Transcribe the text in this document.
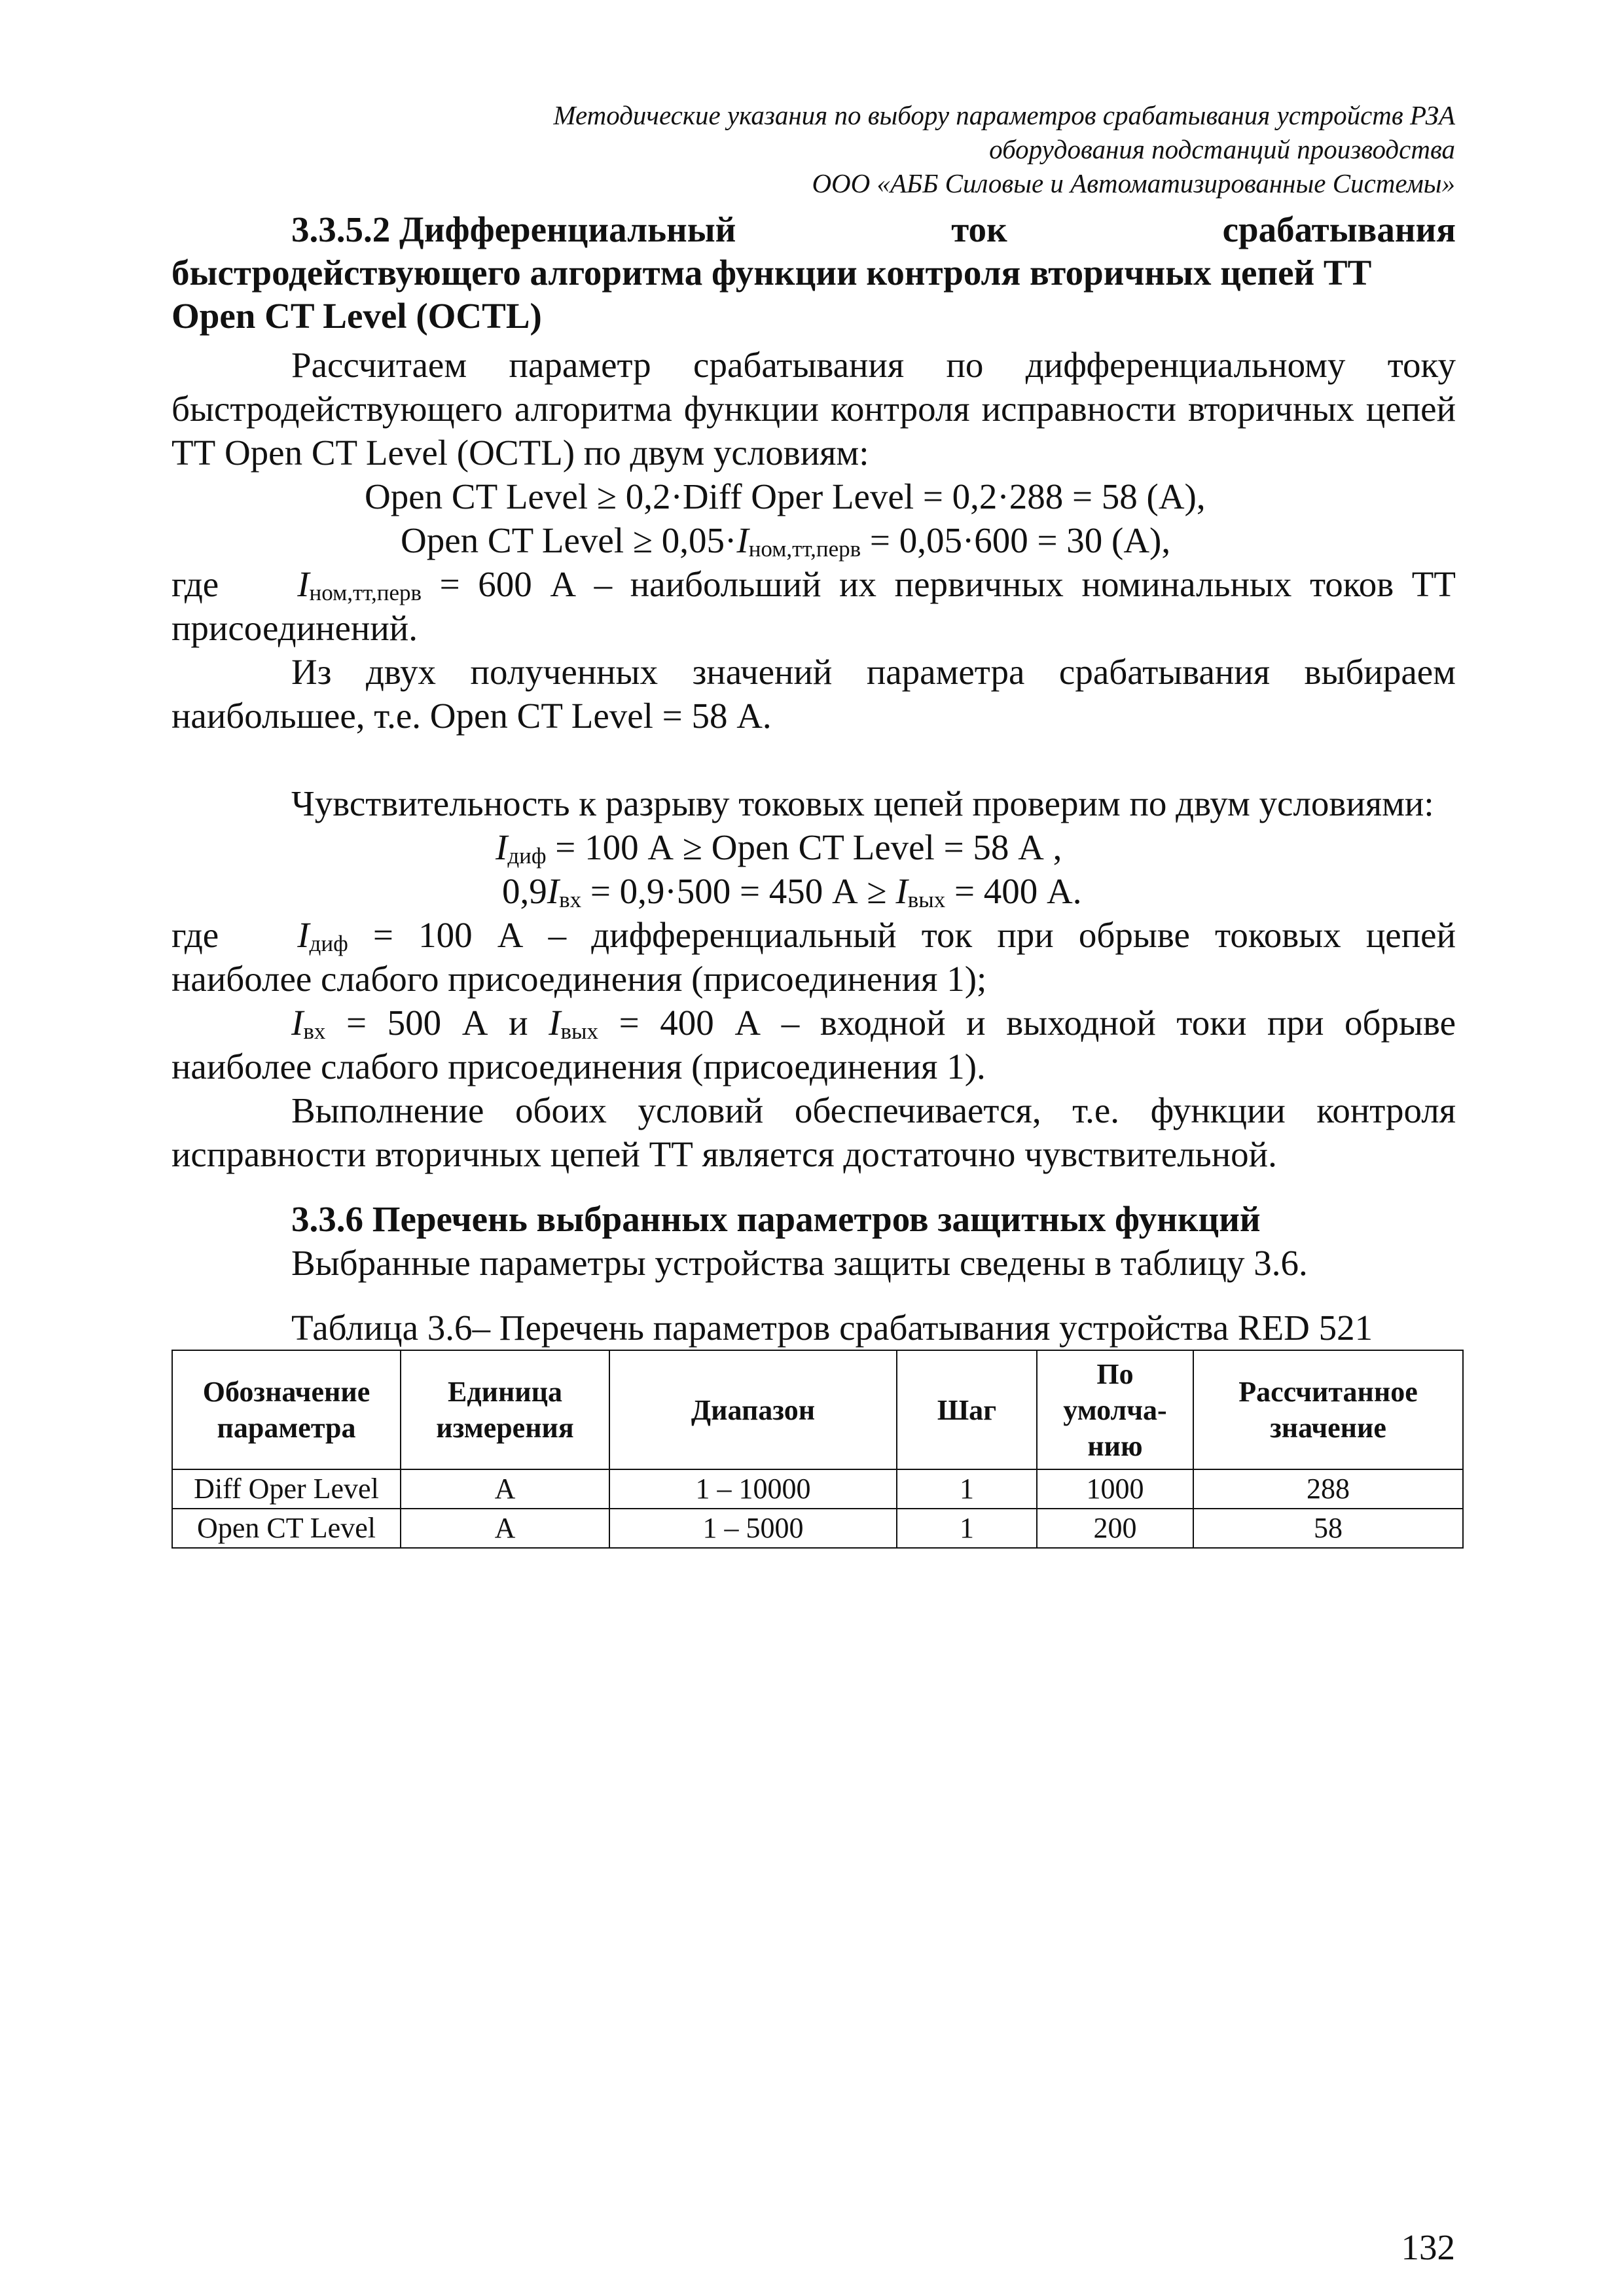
Методические указания по выбору параметров срабатывания устройств РЗА
оборудования подстанций производства
ООО «АББ Силовые и Автоматизированные Системы»
3.3.5.2 Дифференциальный	ток	срабатывания
быстродействующего алгоритма функции контроля вторичных цепей ТТ
Open CT Level (OCTL)

Рассчитаем параметр срабатывания по дифференциальному току быстродействующего алгоритма функции контроля исправности вторичных цепей ТТ Open CT Level (OCTL) по двум условиям:

Open CT Level ≥ 0,2·Diff Oper Level = 0,2·288 = 58 (А),

Open CT Level ≥ $0,05\cdot I_{ном,тт,перв} = 0,05\cdot 600 = 30$ (А),

где	$I_{ном,тт,перв} = 600$ А – наибольший их первичных номинальных токов ТТ

присоединений.

Из двух полученных значений параметра срабатывания выбираем наибольшее, т.е. Open CT Level = 58 А.

Чувствительность к разрыву токовых цепей проверим по двум условиями:

$I_{диф} = 100$ А ≥ Open CT Level = 58 А ,

$0,9I_{вх} = 0,9\cdot 500 = 450$ $А \ge I_{вых} = 400$ А.

где	$I_{диф} = 100$ А – дифференциальный ток при обрыве токовых цепей

наиболее слабого присоединения (присоединения 1);

$I_{вх} = 500$ А и $I_{вых} = 400$ А – входной и выходной токи при обрыве

наиболее слабого присоединения (присоединения 1).

Выполнение обоих условий обеспечивается, т.е. функции контроля исправности вторичных цепей ТТ является достаточно чувствительной.

3.3.6 Перечень выбранных параметров защитных функций

Выбранные параметры устройства защиты сведены в таблицу 3.6.

Таблица 3.6– Перечень параметров срабатывания устройства RED 521

Обозначение параметра	Единица измерения	Диапазон	Шаг	По умолча-нию	Рассчитанное значение
Diff Oper Level	А	1 – 10000	1	1000	288
Open CT Level	А	1 – 5000	1	200	58
132
